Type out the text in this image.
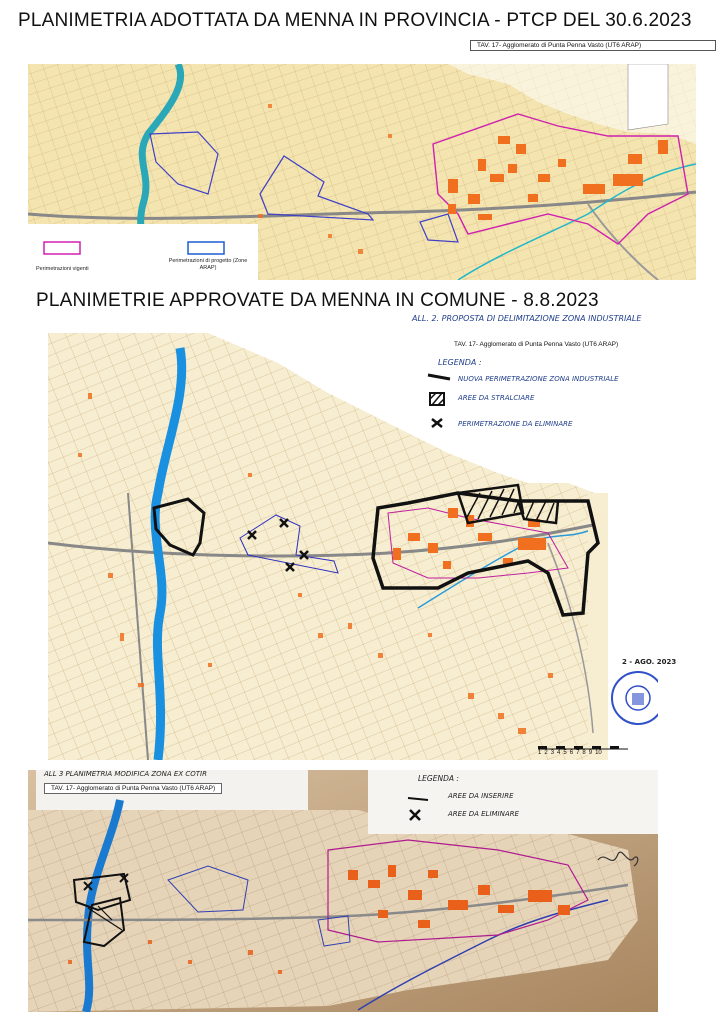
PLANIMETRIA ADOTTATA DA MENNA IN PROVINCIA - PTCP DEL 30.6.2023
TAV. 17- Agglomerato di Punta Penna Vasto (UT6 ARAP)
Perimetrazioni vigenti
Perimetrazioni di progetto (Zone ARAP)
PLANIMETRIE APPROVATE DA MENNA IN COMUNE - 8.8.2023
ALL. 2. PROPOSTA DI DELIMITAZIONE ZONA INDUSTRIALE
TAV. 17- Agglomerato di Punta Penna Vasto (UT6 ARAP)
LEGENDA :
NUOVA PERIMETRAZIONE ZONA INDUSTRIALE
AREE DA STRALCIARE
PERIMETRAZIONE DA ELIMINARE
2 - AGO. 2023
1 2 3 4 5 6 7 8 9 10
ALL 3 PLANIMETRIA MODIFICA ZONA EX COTIR
TAV. 17- Agglomerato di Punta Penna Vasto (UT6 ARAP)
LEGENDA :
AREE DA INSERIRE
AREE DA ELIMINARE
